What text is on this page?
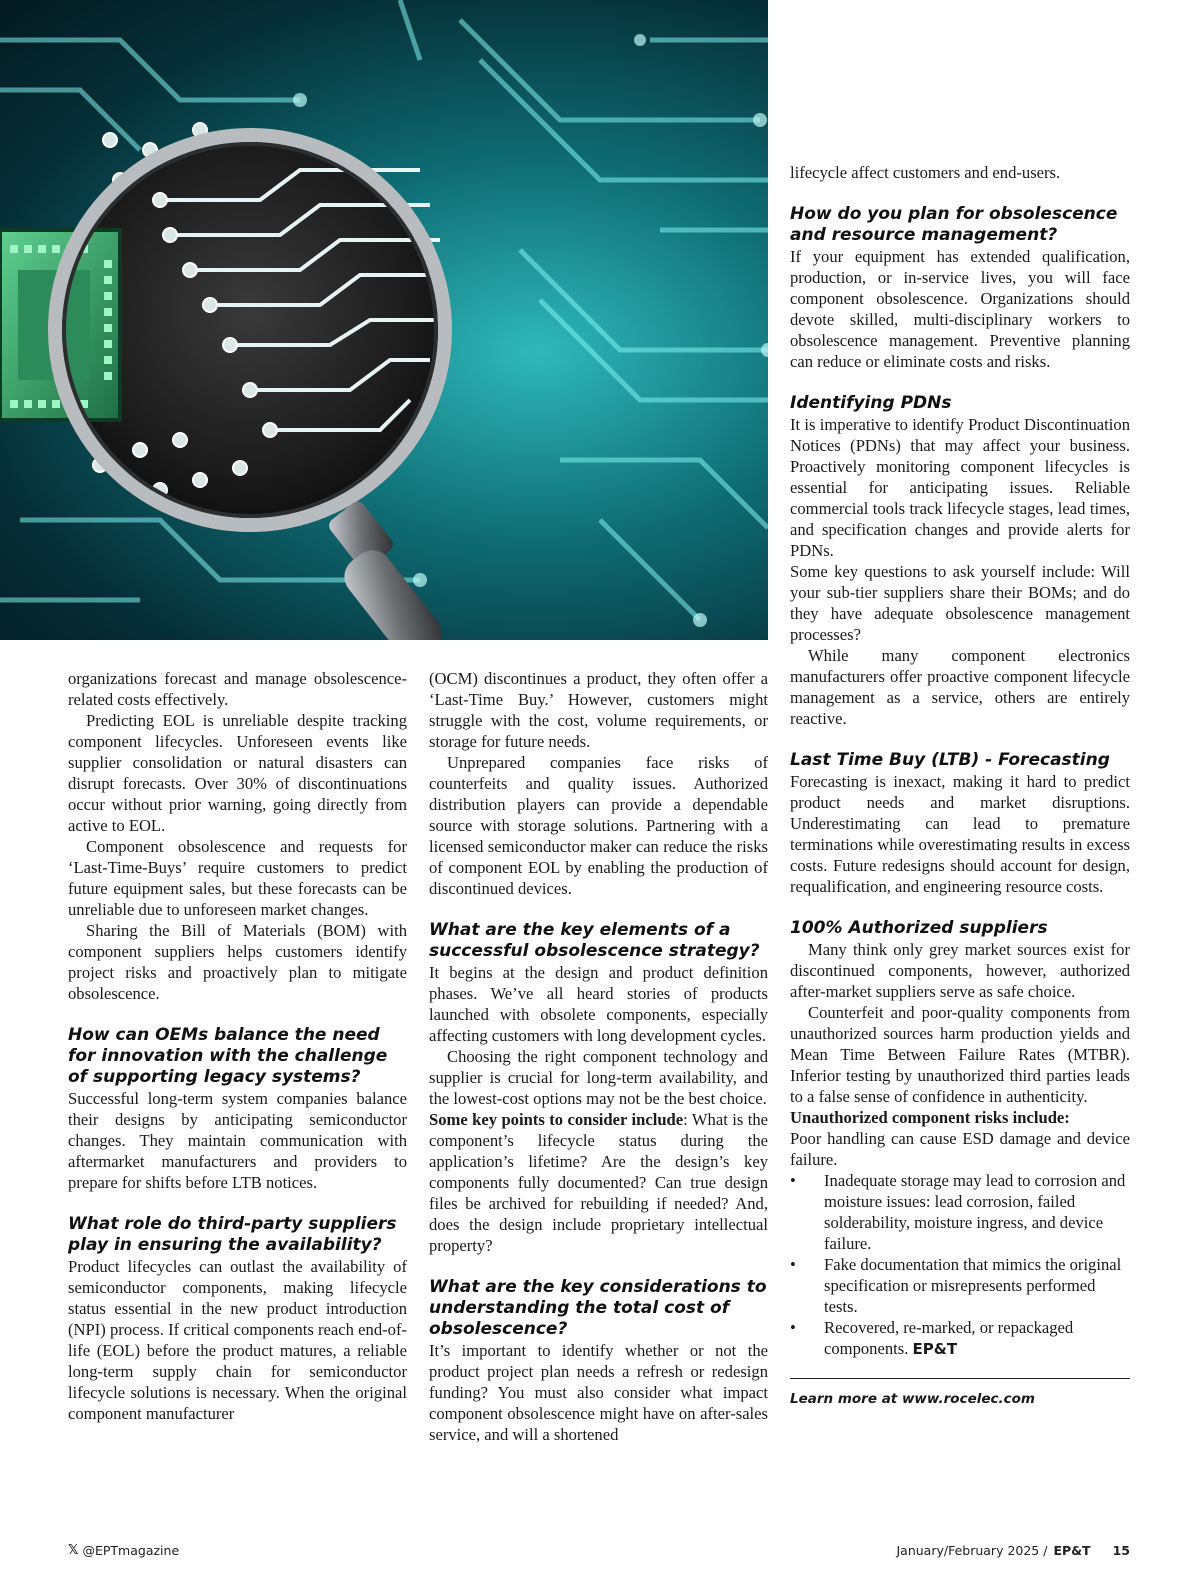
organizations forecast and manage obsolescence-related costs effectively.

Predicting EOL is unreliable despite tracking component lifecycles. Unforeseen events like supplier consolidation or natural disasters can disrupt forecasts. Over 30% of discontinuations occur without prior warning, going directly from active to EOL.

Component obsolescence and requests for ‘Last-Time-Buys’ require customers to predict future equipment sales, but these forecasts can be unreliable due to unforeseen market changes.

Sharing the Bill of Materials (BOM) with component suppliers helps customers identify project risks and proactively plan to mitigate obsolescence.

How can OEMs balance the need for innovation with the challenge of supporting legacy systems?

Successful long-term system companies balance their designs by anticipating semiconductor changes. They maintain communication with aftermarket manufacturers and providers to prepare for shifts before LTB notices.

What role do third-party suppliers play in ensuring the availability?

Product lifecycles can outlast the availability of semiconductor components, making lifecycle status essential in the new product introduction (NPI) process. If critical components reach end-of-life (EOL) before the product matures, a reliable long-term supply chain for semiconductor lifecycle solutions is necessary. When the original component manufacturer

(OCM) discontinues a product, they often offer a ‘Last-Time Buy.’ However, customers might struggle with the cost, volume requirements, or storage for future needs.

Unprepared companies face risks of counterfeits and quality issues. Authorized distribution players can provide a dependable source with storage solutions. Partnering with a licensed semiconductor maker can reduce the risks of component EOL by enabling the production of discontinued devices.

What are the key elements of a successful obsolescence strategy?

It begins at the design and product definition phases. We’ve all heard stories of products launched with obsolete components, especially affecting customers with long development cycles.

Choosing the right component technology and supplier is crucial for long-term availability, and the lowest-cost options may not be the best choice.

Some key points to consider include: What is the component’s lifecycle status during the application’s lifetime? Are the design’s key components fully documented? Can true design files be archived for rebuilding if needed? And, does the design include proprietary intellectual property?

What are the key considerations to understanding the total cost of obsolescence?

It’s important to identify whether or not the product project plan needs a refresh or redesign funding? You must also consider what impact component obsolescence might have on after-sales service, and will a shortened

lifecycle affect customers and end-users.

How do you plan for obsolescence and resource management?

If your equipment has extended qualification, production, or in-service lives, you will face component obsolescence. Organizations should devote skilled, multi-disciplinary workers to obsolescence management. Preventive planning can reduce or eliminate costs and risks.

Identifying PDNs

It is imperative to identify Product Discontinuation Notices (PDNs) that may affect your business. Proactively monitoring component lifecycles is essential for anticipating issues. Reliable commercial tools track lifecycle stages, lead times, and specification changes and provide alerts for PDNs.

Some key questions to ask yourself include: Will your sub-tier suppliers share their BOMs; and do they have adequate obsolescence management processes?

While many component electronics manufacturers offer proactive component lifecycle management as a service, others are entirely reactive.

Last Time Buy (LTB) - Forecasting

Forecasting is inexact, making it hard to predict product needs and market disruptions. Underestimating can lead to premature terminations while overestimating results in excess costs. Future redesigns should account for design, requalification, and engineering resource costs.

100% Authorized suppliers

Many think only grey market sources exist for discontinued components, however, authorized after-market suppliers serve as safe choice.

Counterfeit and poor-quality components from unauthorized sources harm production yields and Mean Time Between Failure Rates (MTBR). Inferior testing by unauthorized third parties leads to a false sense of confidence in authenticity.

Unauthorized component risks include:

Poor handling can cause ESD damage and device failure.

• Inadequate storage may lead to corrosion and moisture issues: lead corrosion, failed solderability, moisture ingress, and device failure.
• Fake documentation that mimics the original specification or misrepresents performed tests.
• Recovered, re-marked, or repackaged components. EP&T

Learn more at www.rocelec.com

𝕏 @EPTmagazine	January/February 2025 / EP&T 15
